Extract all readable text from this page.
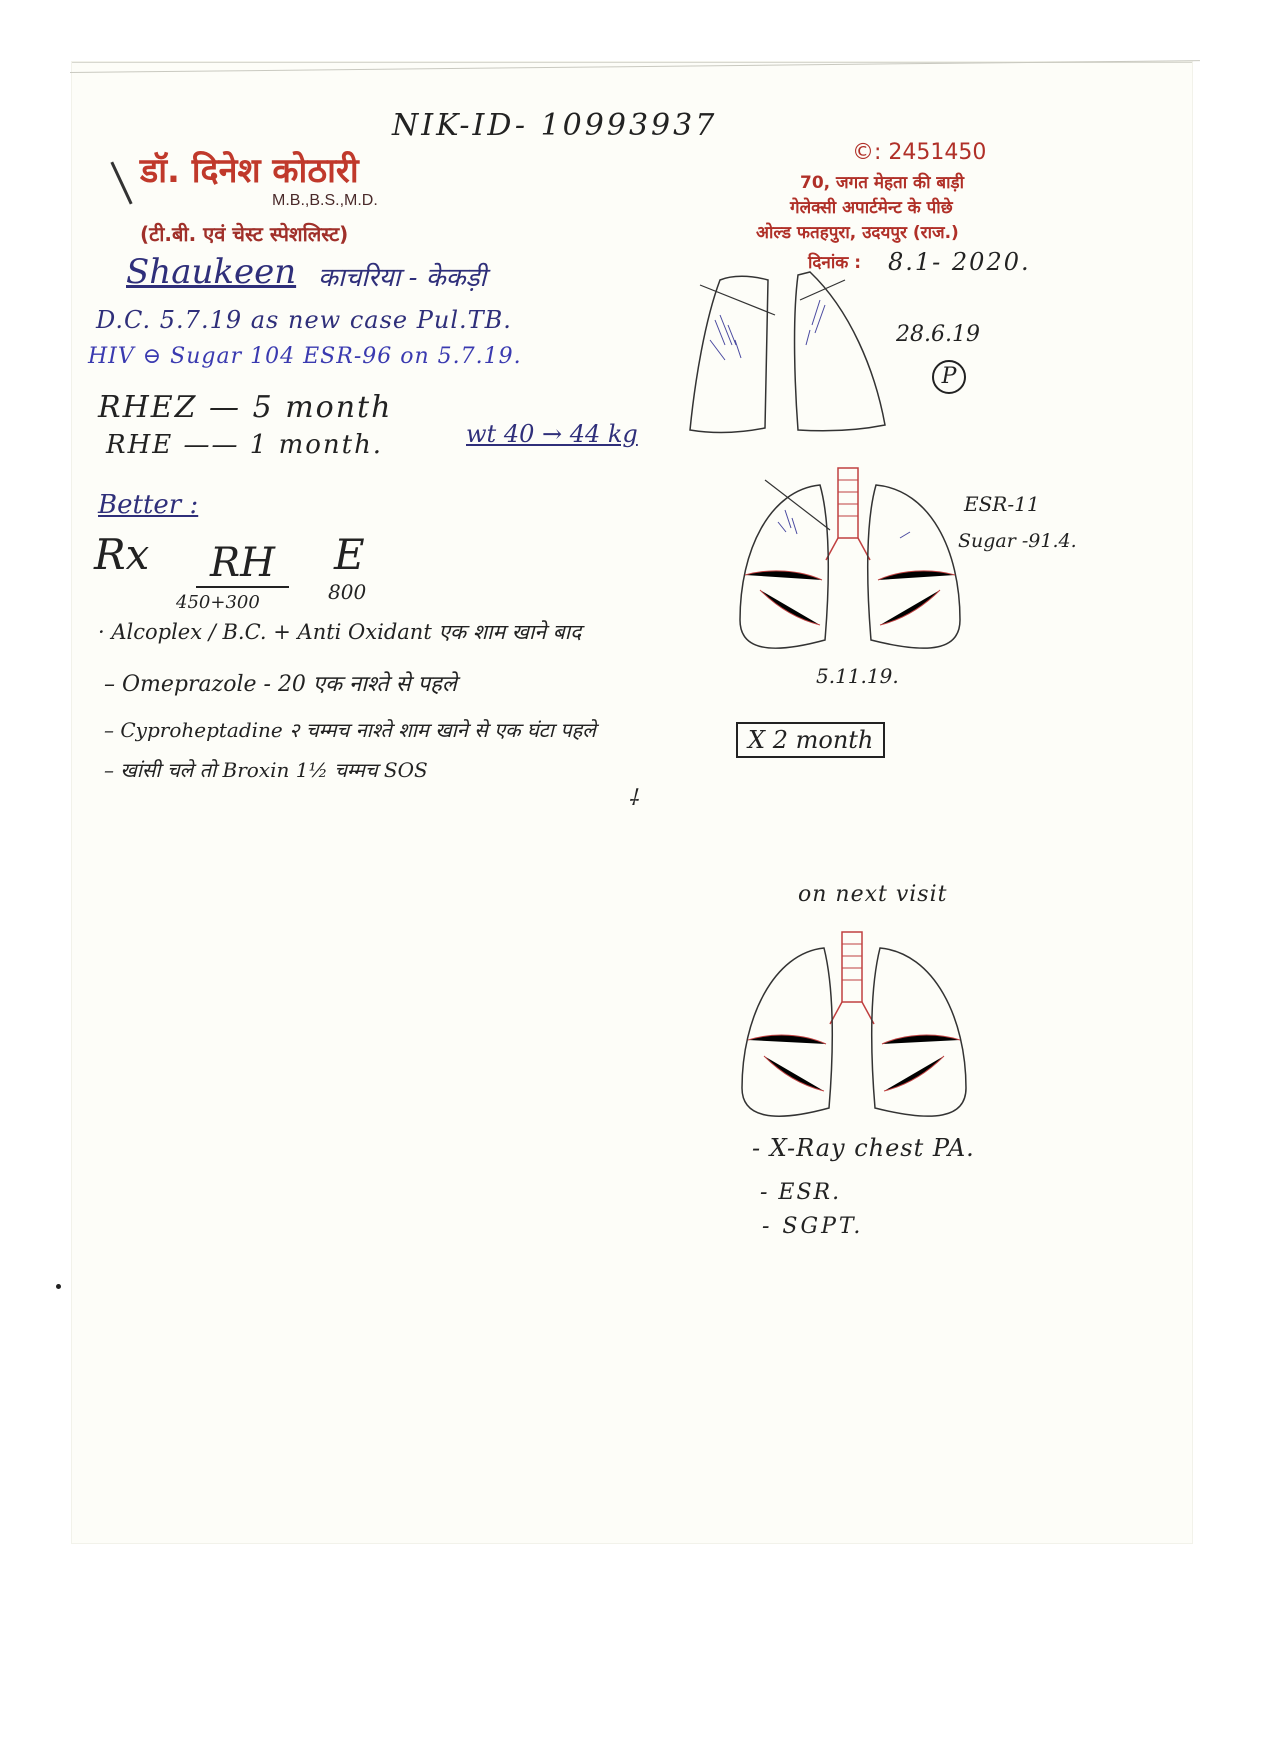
NIK-ID- 10993937
डॉ. दिनेश कोठारी
M.B.,B.S.,M.D.
(टी.बी. एवं चेस्ट स्पेशलिस्ट)
©: 2451450
70, जगत मेहता की बाड़ी
गेलेक्सी अपार्टमेन्ट के पीछे
ओल्ड फतहपुरा, उदयपुर (राज.)
दिनांक : 8.1- 2020.
Shaukeen काचरिया - केकड़ी
D.C. 5.7.19 as new case Pul.TB.
HIV ⊖ Sugar 104 ESR-96 on 5.7.19.
RHEZ — 5 month
RHE —— 1 month.	wt 40 → 44 kg
Better :
Rx	RH
450+300
E
800
· Alcoplex / B.C. + Anti Oxidant एक शाम खाने बाद
– Omeprazole - 20 एक नाश्ते से पहले
– Cyproheptadine २ चम्मच नाश्ते शाम खाने से एक घंटा पहले
– खांसी चले तो Broxin 1½ चम्मच SOS
X 2 month
⸸
28.6.19
P
ESR-11
Sugar -91.4.
5.11.19.
on next visit
- X-Ray chest PA.
- ESR.
- SGPT.
